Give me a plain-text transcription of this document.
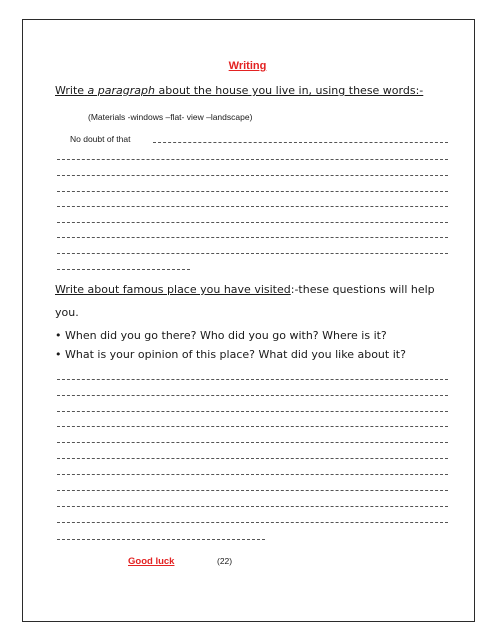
Writing
Write a paragraph about the house you live in, using these words:-
(Materials -windows –flat- view –landscape)
No doubt of that
Write about famous place you have visited:-these questions will help
you.
• When did you go there? Who did you go with? Where is it?
• What is your opinion of this place? What did you like about it?
Good luck	(22)
